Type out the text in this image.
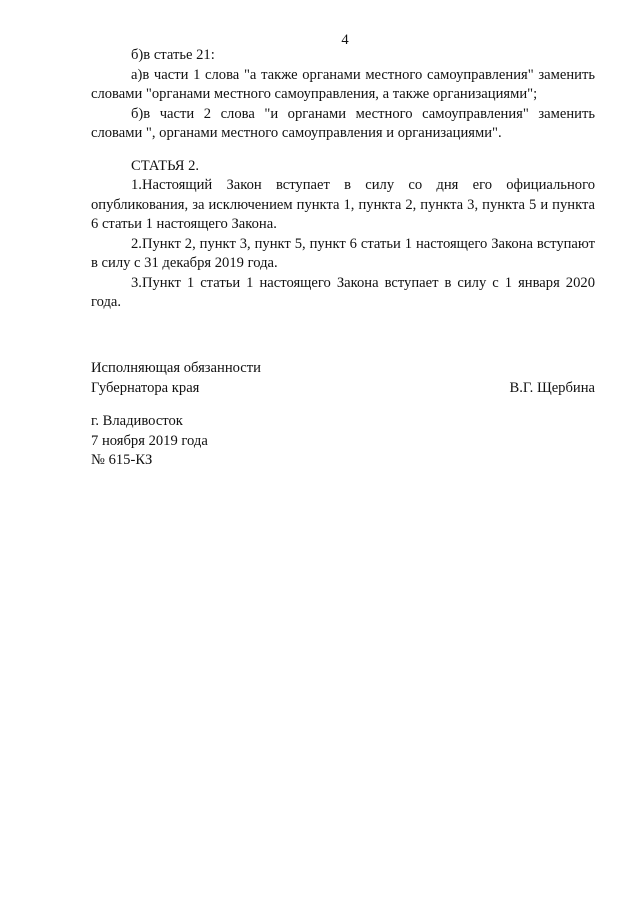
4

б)в статье 21:

а)в части 1 слова "а также органами местного самоуправления" заменить словами "органами местного самоуправления, а также организациями";

б)в части 2 слова "и органами местного самоуправления" заменить словами ", органами местного самоуправления и организациями".

СТАТЬЯ 2.

1.Настоящий Закон вступает в силу со дня его официального опубликования, за исключением пункта 1, пункта 2, пункта 3, пункта 5 и пункта 6 статьи 1 настоящего Закона.

2.Пункт 2, пункт 3, пункт 5, пункт 6 статьи 1 настоящего Закона вступают в силу с 31 декабря 2019 года.

3.Пункт 1 статьи 1 настоящего Закона вступает в силу с 1 января 2020 года.

Исполняющая обязанности

Губернатора края	В.Г. Щербина

г. Владивосток

7 ноября 2019 года

№ 615-КЗ
